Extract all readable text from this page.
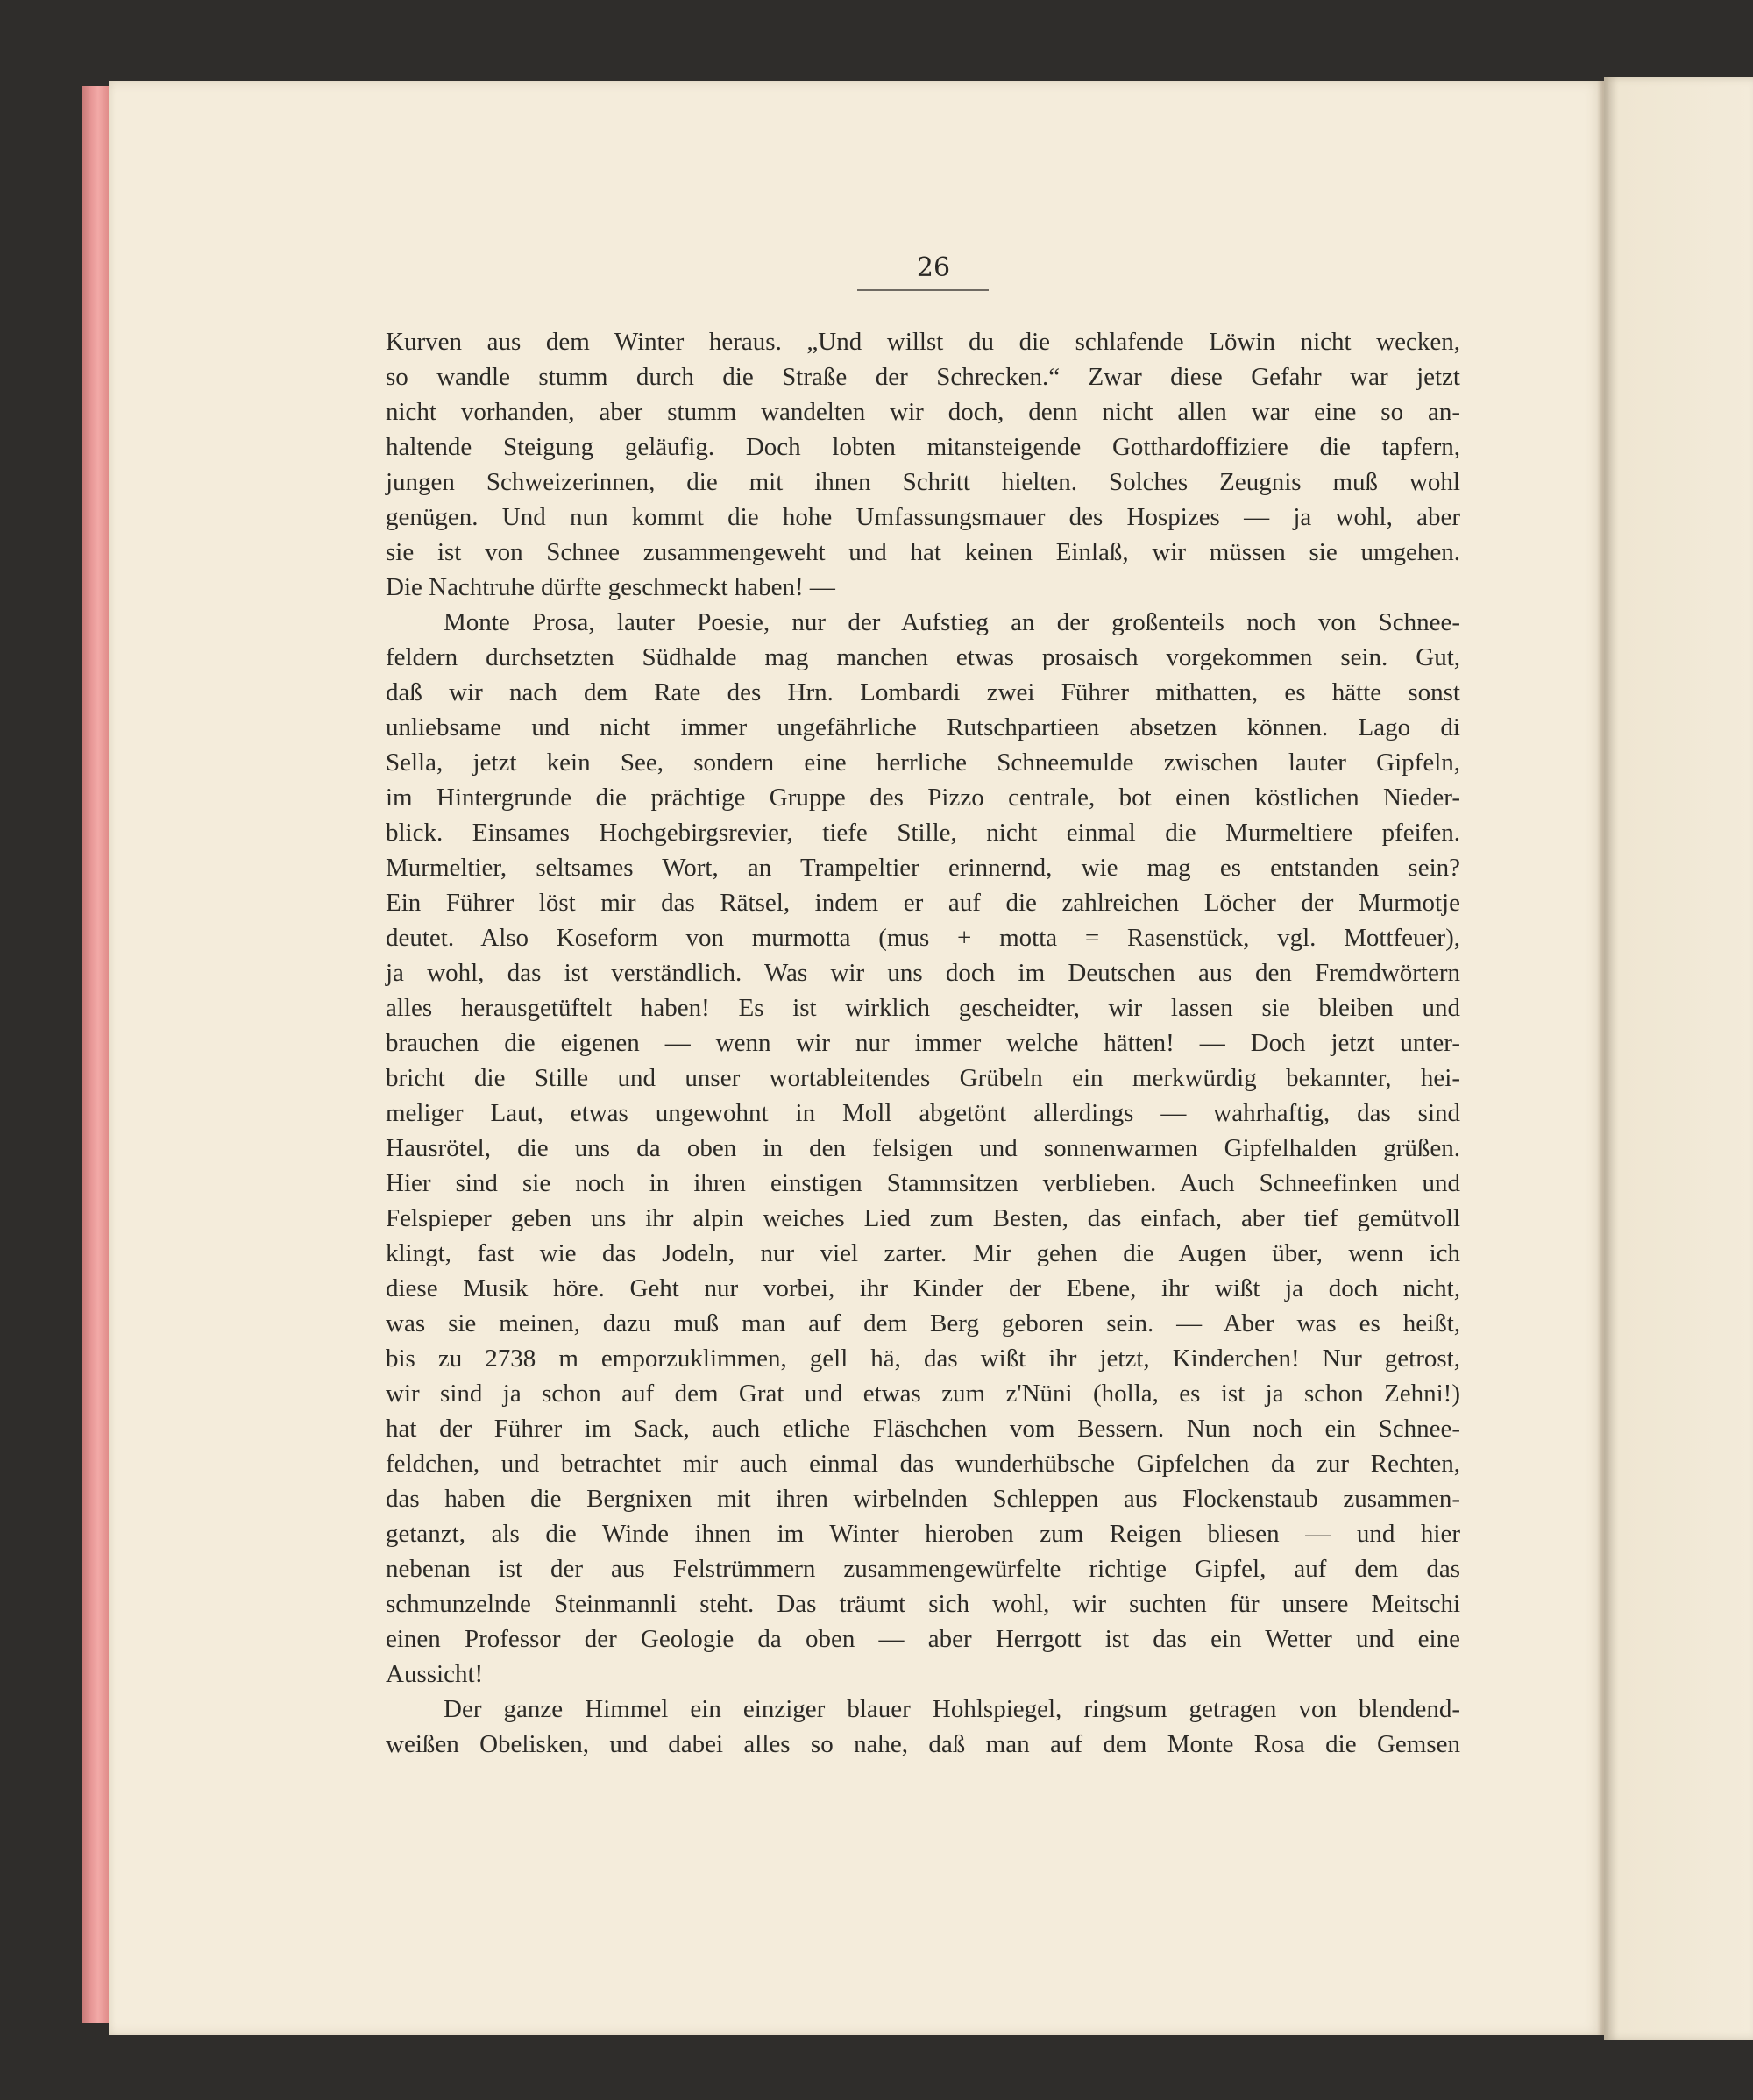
26
Kurven aus dem Winter heraus. „Und willst du die schlafende Löwin nicht wecken,
so wandle stumm durch die Straße der Schrecken.“ Zwar diese Gefahr war jetzt
nicht vorhanden, aber stumm wandelten wir doch, denn nicht allen war eine so an-
haltende Steigung geläufig. Doch lobten mitansteigende Gotthardoffiziere die tapfern,
jungen Schweizerinnen, die mit ihnen Schritt hielten. Solches Zeugnis muß wohl
genügen. Und nun kommt die hohe Umfassungsmauer des Hospizes — ja wohl, aber
sie ist von Schnee zusammengeweht und hat keinen Einlaß, wir müssen sie umgehen.
Die Nachtruhe dürfte geschmeckt haben! —
Monte Prosa, lauter Poesie, nur der Aufstieg an der großenteils noch von Schnee-
feldern durchsetzten Südhalde mag manchen etwas prosaisch vorgekommen sein. Gut,
daß wir nach dem Rate des Hrn. Lombardi zwei Führer mithatten, es hätte sonst
unliebsame und nicht immer ungefährliche Rutschpartieen absetzen können. Lago di
Sella, jetzt kein See, sondern eine herrliche Schneemulde zwischen lauter Gipfeln,
im Hintergrunde die prächtige Gruppe des Pizzo centrale, bot einen köstlichen Nieder-
blick. Einsames Hochgebirgsrevier, tiefe Stille, nicht einmal die Murmeltiere pfeifen.
Murmeltier, seltsames Wort, an Trampeltier erinnernd, wie mag es entstanden sein?
Ein Führer löst mir das Rätsel, indem er auf die zahlreichen Löcher der Murmotje
deutet. Also Koseform von murmotta (mus + motta = Rasenstück, vgl. Mottfeuer),
ja wohl, das ist verständlich. Was wir uns doch im Deutschen aus den Fremdwörtern
alles herausgetüftelt haben! Es ist wirklich gescheidter, wir lassen sie bleiben und
brauchen die eigenen — wenn wir nur immer welche hätten! — Doch jetzt unter-
bricht die Stille und unser wortableitendes Grübeln ein merkwürdig bekannter, hei-
meliger Laut, etwas ungewohnt in Moll abgetönt allerdings — wahrhaftig, das sind
Hausrötel, die uns da oben in den felsigen und sonnenwarmen Gipfelhalden grüßen.
Hier sind sie noch in ihren einstigen Stammsitzen verblieben. Auch Schneefinken und
Felspieper geben uns ihr alpin weiches Lied zum Besten, das einfach, aber tief gemütvoll
klingt, fast wie das Jodeln, nur viel zarter. Mir gehen die Augen über, wenn ich
diese Musik höre. Geht nur vorbei, ihr Kinder der Ebene, ihr wißt ja doch nicht,
was sie meinen, dazu muß man auf dem Berg geboren sein. — Aber was es heißt,
bis zu 2738 m emporzuklimmen, gell hä, das wißt ihr jetzt, Kinderchen! Nur getrost,
wir sind ja schon auf dem Grat und etwas zum z'Nüni (holla, es ist ja schon Zehni!)
hat der Führer im Sack, auch etliche Fläschchen vom Bessern. Nun noch ein Schnee-
feldchen, und betrachtet mir auch einmal das wunderhübsche Gipfelchen da zur Rechten,
das haben die Bergnixen mit ihren wirbelnden Schleppen aus Flockenstaub zusammen-
getanzt, als die Winde ihnen im Winter hieroben zum Reigen bliesen — und hier
nebenan ist der aus Felstrümmern zusammengewürfelte richtige Gipfel, auf dem das
schmunzelnde Steinmannli steht. Das träumt sich wohl, wir suchten für unsere Meitschi
einen Professor der Geologie da oben — aber Herrgott ist das ein Wetter und eine
Aussicht!
Der ganze Himmel ein einziger blauer Hohlspiegel, ringsum getragen von blendend-
weißen Obelisken, und dabei alles so nahe, daß man auf dem Monte Rosa die Gemsen
